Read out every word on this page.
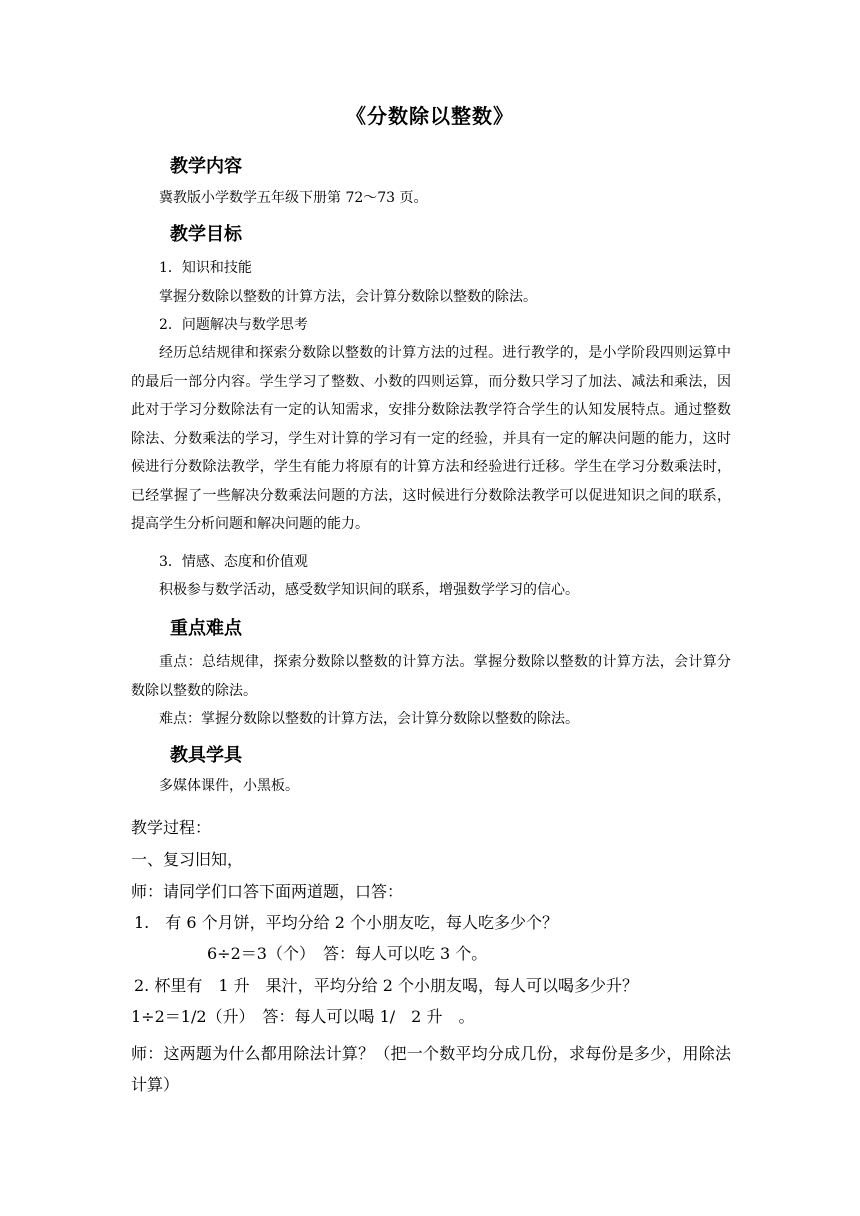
《分数除以整数》
教学内容
冀教版小学数学五年级下册第 72～73 页。
教学目标
1．知识和技能
掌握分数除以整数的计算方法，会计算分数除以整数的除法。
2．问题解决与数学思考
经历总结规律和探索分数除以整数的计算方法的过程。进行教学的，是小学阶段四则运算中的最后一部分内容。学生学习了整数、小数的四则运算，而分数只学习了加法、减法和乘法，因此对于学习分数除法有一定的认知需求，安排分数除法教学符合学生的认知发展特点。通过整数除法、分数乘法的学习，学生对计算的学习有一定的经验，并具有一定的解决问题的能力，这时候进行分数除法教学，学生有能力将原有的计算方法和经验进行迁移。学生在学习分数乘法时，已经掌握了一些解决分数乘法问题的方法，这时候进行分数除法教学可以促进知识之间的联系，提高学生分析问题和解决问题的能力。
3．情感、态度和价值观
积极参与数学活动，感受数学知识间的联系，增强数学学习的信心。
重点难点
重点：总结规律，探索分数除以整数的计算方法。掌握分数除以整数的计算方法，会计算分数除以整数的除法。
难点：掌握分数除以整数的计算方法，会计算分数除以整数的除法。
教具学具
多媒体课件，小黑板。
教学过程：
一、复习旧知，
师：请同学们口答下面两道题，口答：
1.　有 6 个月饼，平均分给 2 个小朋友吃，每人吃多少个？
6÷2＝3（个）　答：每人可以吃 3 个。
2. 杯里有　1 升　果汁，平均分给 2 个小朋友喝，每人可以喝多少升？
1÷2＝1/2（升）　答：每人可以喝 1/　2 升　。
师：这两题为什么都用除法计算？（把一个数平均分成几份，求每份是多少，用除法计算）
